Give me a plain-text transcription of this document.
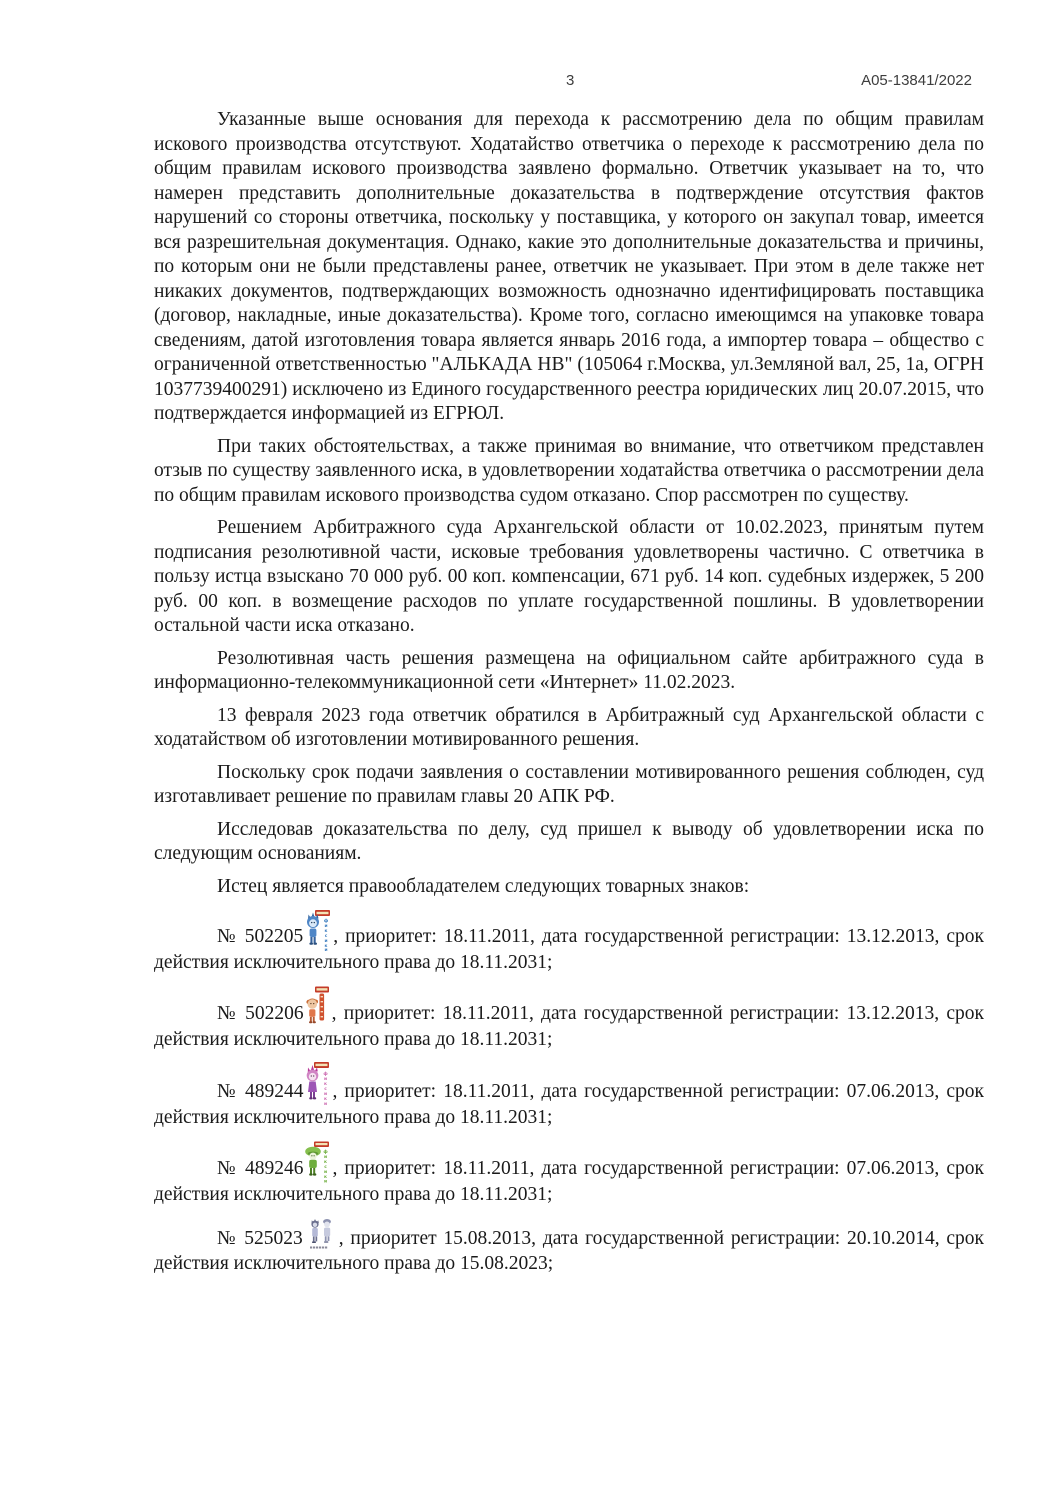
3	А05-13841/2022

Указанные выше основания для перехода к рассмотрению дела по общим правилам искового производства отсутствуют. Ходатайство ответчика о переходе к рассмотрению дела по общим правилам искового производства заявлено формально. Ответчик указывает на то, что намерен представить дополнительные доказательства в подтверждение отсутствия фактов нарушений со стороны ответчика, поскольку у поставщика, у которого он закупал товар, имеется вся разрешительная документация. Однако, какие это дополнительные доказательства и причины, по которым они не были представлены ранее, ответчик не указывает. При этом в деле также нет никаких документов, подтверждающих возможность однозначно идентифицировать поставщика (договор, накладные, иные доказательства). Кроме того, согласно имеющимся на упаковке товара сведениям, датой изготовления товара является январь 2016 года, а импортер товара – общество с ограниченной ответственностью "АЛЬКАДА НВ" (105064 г.Москва, ул.Земляной вал, 25, 1а, ОГРН 1037739400291) исключено из Единого государственного реестра юридических лиц 20.07.2015, что подтверждается информацией из ЕГРЮЛ.

При таких обстоятельствах, а также принимая во внимание, что ответчиком представлен отзыв по существу заявленного иска, в удовлетворении ходатайства ответчика о рассмотрении дела по общим правилам искового производства судом отказано. Спор рассмотрен по существу.

Решением Арбитражного суда Архангельской области от 10.02.2023, принятым путем подписания резолютивной части, исковые требования удовлетворены частично. С ответчика в пользу истца взыскано 70 000 руб. 00 коп. компенсации, 671 руб. 14 коп. судебных издержек, 5 200 руб. 00 коп. в возмещение расходов по уплате государственной пошлины. В удовлетворении остальной части иска отказано.

Резолютивная часть решения размещена на официальном сайте арбитражного суда в информационно-телекоммуникационной сети «Интернет» 11.02.2023.

13 февраля 2023 года ответчик обратился в Арбитражный суд Архангельской области с ходатайством об изготовлении мотивированного решения.

Поскольку срок подачи заявления о составлении мотивированного решения соблюден, суд изготавливает решение по правилам главы 20 АПК РФ.

Исследовав доказательства по делу, суд пришел к выводу об удовлетворении иска по следующим основаниям.

Истец является правообладателем следующих товарных знаков:

№ 502205
ф
и
к
с
и
к
и
, приоритет: 18.11.2011, дата государственной регистрации: 13.12.2013, срок действия исключительного права до 18.11.2031;

№ 502206 , приоритет: 18.11.2011, дата государственной регистрации: 13.12.2013, срок действия исключительного права до 18.11.2031;

№ 489244
ф
и
к
с
и
к
и
, приоритет: 18.11.2011, дата государственной регистрации: 07.06.2013, срок действия исключительного права до 18.11.2031;

№ 489246
ф
и
к
с
и
к
и
, приоритет: 18.11.2011, дата государственной регистрации: 07.06.2013, срок действия исключительного права до 18.11.2031;

№ 525023 , приоритет 15.08.2013, дата государственной регистрации: 20.10.2014, срок действия исключительного права до 15.08.2023;
